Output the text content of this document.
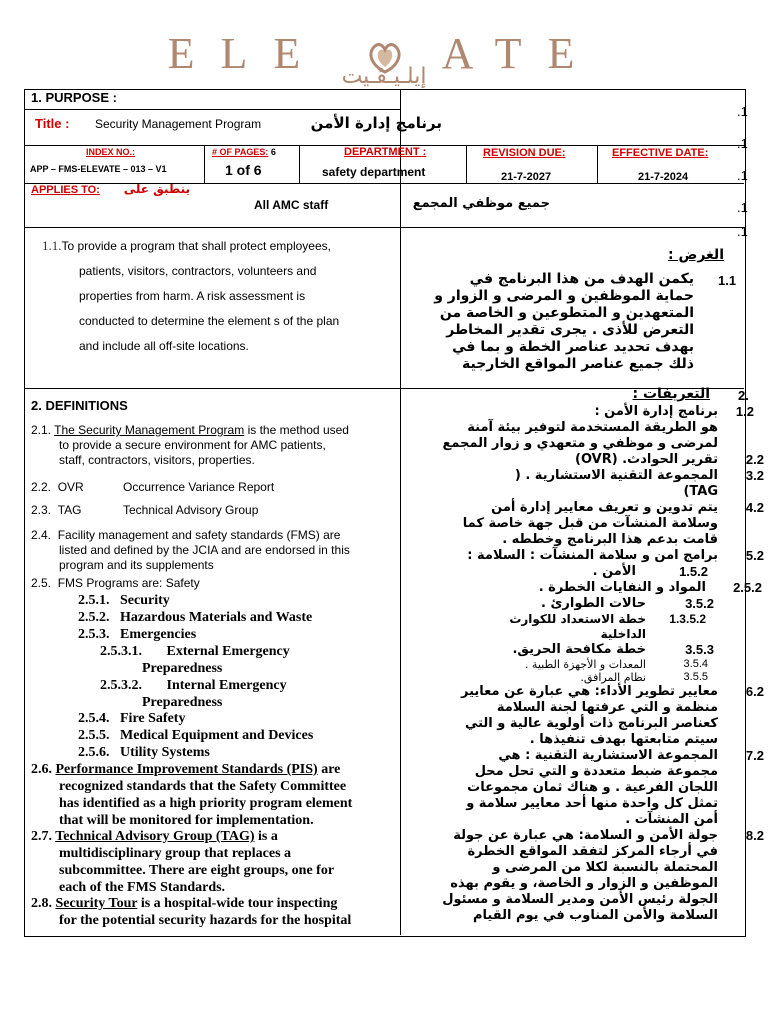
ELE	ATE
إيلـيـڤـيت
1. PURPOSE :
Title : Security Management Program	برنامج إدارة الأمن
.1
.1
.1
.1
.1
INDEX NO.:
APP – FMS-ELEVATE – 013 – V1
# OF PAGES: 6
1 of 6
DEPARTMENT :
safety department
REVISION DUE:
21-7-2027
EFFECTIVE DATE:
21-7-2024
APPLIES TO:	ينطبق على
All AMC staff	جميع موظفي المجمع
1.1.To provide a program that shall protect employees,
patients, visitors, contractors, volunteers and
properties from harm. A risk assessment is
conducted to determine the element s of the plan
and include all off-site locations.
الغرض :
1.1
يكمن الهدف من هذا البرنامج في
حماية الموظفين و المرضى و الزوار و
المتعهدين و المتطوعين و الخاصة من
التعرض للأذى . يجرى تقدير المخاطر
بهدف تحديد عناصر الخطة و بما في
ذلك جميع عناصر المواقع الخارجية
2. DEFINITIONS
2.1. The Security Management Program is the method used
to provide a secure environment for AMC patients,
staff, contractors, visitors, properties.
2.2. OVR	Occurrence Variance Report
2.3. TAG	Technical Advisory Group
2.4. Facility management and safety standards (FMS) are
listed and defined by the JCIA and are endorsed in this
program and its supplements
2.5. FMS Programs are: Safety
2.5.1. Security
2.5.2. Hazardous Materials and Waste
2.5.3. Emergencies
2.5.3.1. External Emergency
Preparedness
2.5.3.2. Internal Emergency
Preparedness
2.5.4. Fire Safety
2.5.5. Medical Equipment and Devices
2.5.6. Utility Systems
2.6. Performance Improvement Standards (PIS) are
recognized standards that the Safety Committee
has identified as a high priority program element
that will be monitored for implementation.
2.7. Technical Advisory Group (TAG) is a
multidisciplinary group that replaces a
subcommittee. There are eight groups, one for
each of the FMS Standards.
2.8. Security Tour is a hospital-wide tour inspecting
for the potential security hazards for the hospital
التعريفات : 2.
1.2
برنامج إدارة الأمن :
هو الطريقة المستخدمة لتوفير بيئة آمنة
لمرضى و موظفي و متعهدي و زوار المجمع
2.2
تقرير الحوادث. (OVR)
3.2
المجموعة التقنية الاستشارية . (
TAG)
4.2
يتم تدوين و تعريف معايير إدارة أمن
وسلامة المنشآت من قبل جهة خاصة كما
قامت بدعم هذا البرنامج وخططه .
5.2
برامج امن و سلامة المنشآت : السلامة :
1.5.2
الأمن .
2.5.2
المواد و النفايات الخطرة .
3.5.2
حالات الطوارئ .
1.3.5.2
خطة الاستعداد للكوارث
الداخلية
3.5.3
خطة مكافحة الحريق.
3.5.4
المعدات و الأجهزة الطبية .
3.5.5
نظام المرافق.
6.2
معايير تطوير الأداء: هي عبارة عن معايير
منظمة و التي عرفتها لجنة السلامة
كعناصر البرنامج ذات أولوية عالية و التي
سيتم متابعتها بهدف تنفيذها .
7.2
المجموعة الاستشارية التقنية : هي
مجموعة ضبط متعددة و التي تحل محل
اللجان الفرعية . و هناك ثمان مجموعات
تمثل كل واحدة منها أحد معايير سلامة و
أمن المنشآت .
8.2
جولة الأمن و السلامة: هي عبارة عن جولة
في أرجاء المركز لتفقد المواقع الخطرة
المحتملة بالنسبة لكلا من المرضى و
الموظفين و الزوار و الخاصة، و يقوم بهذه
الجولة رئيس الأمن ومدير السلامة و مسئول
السلامة والأمن المناوب في يوم القيام
